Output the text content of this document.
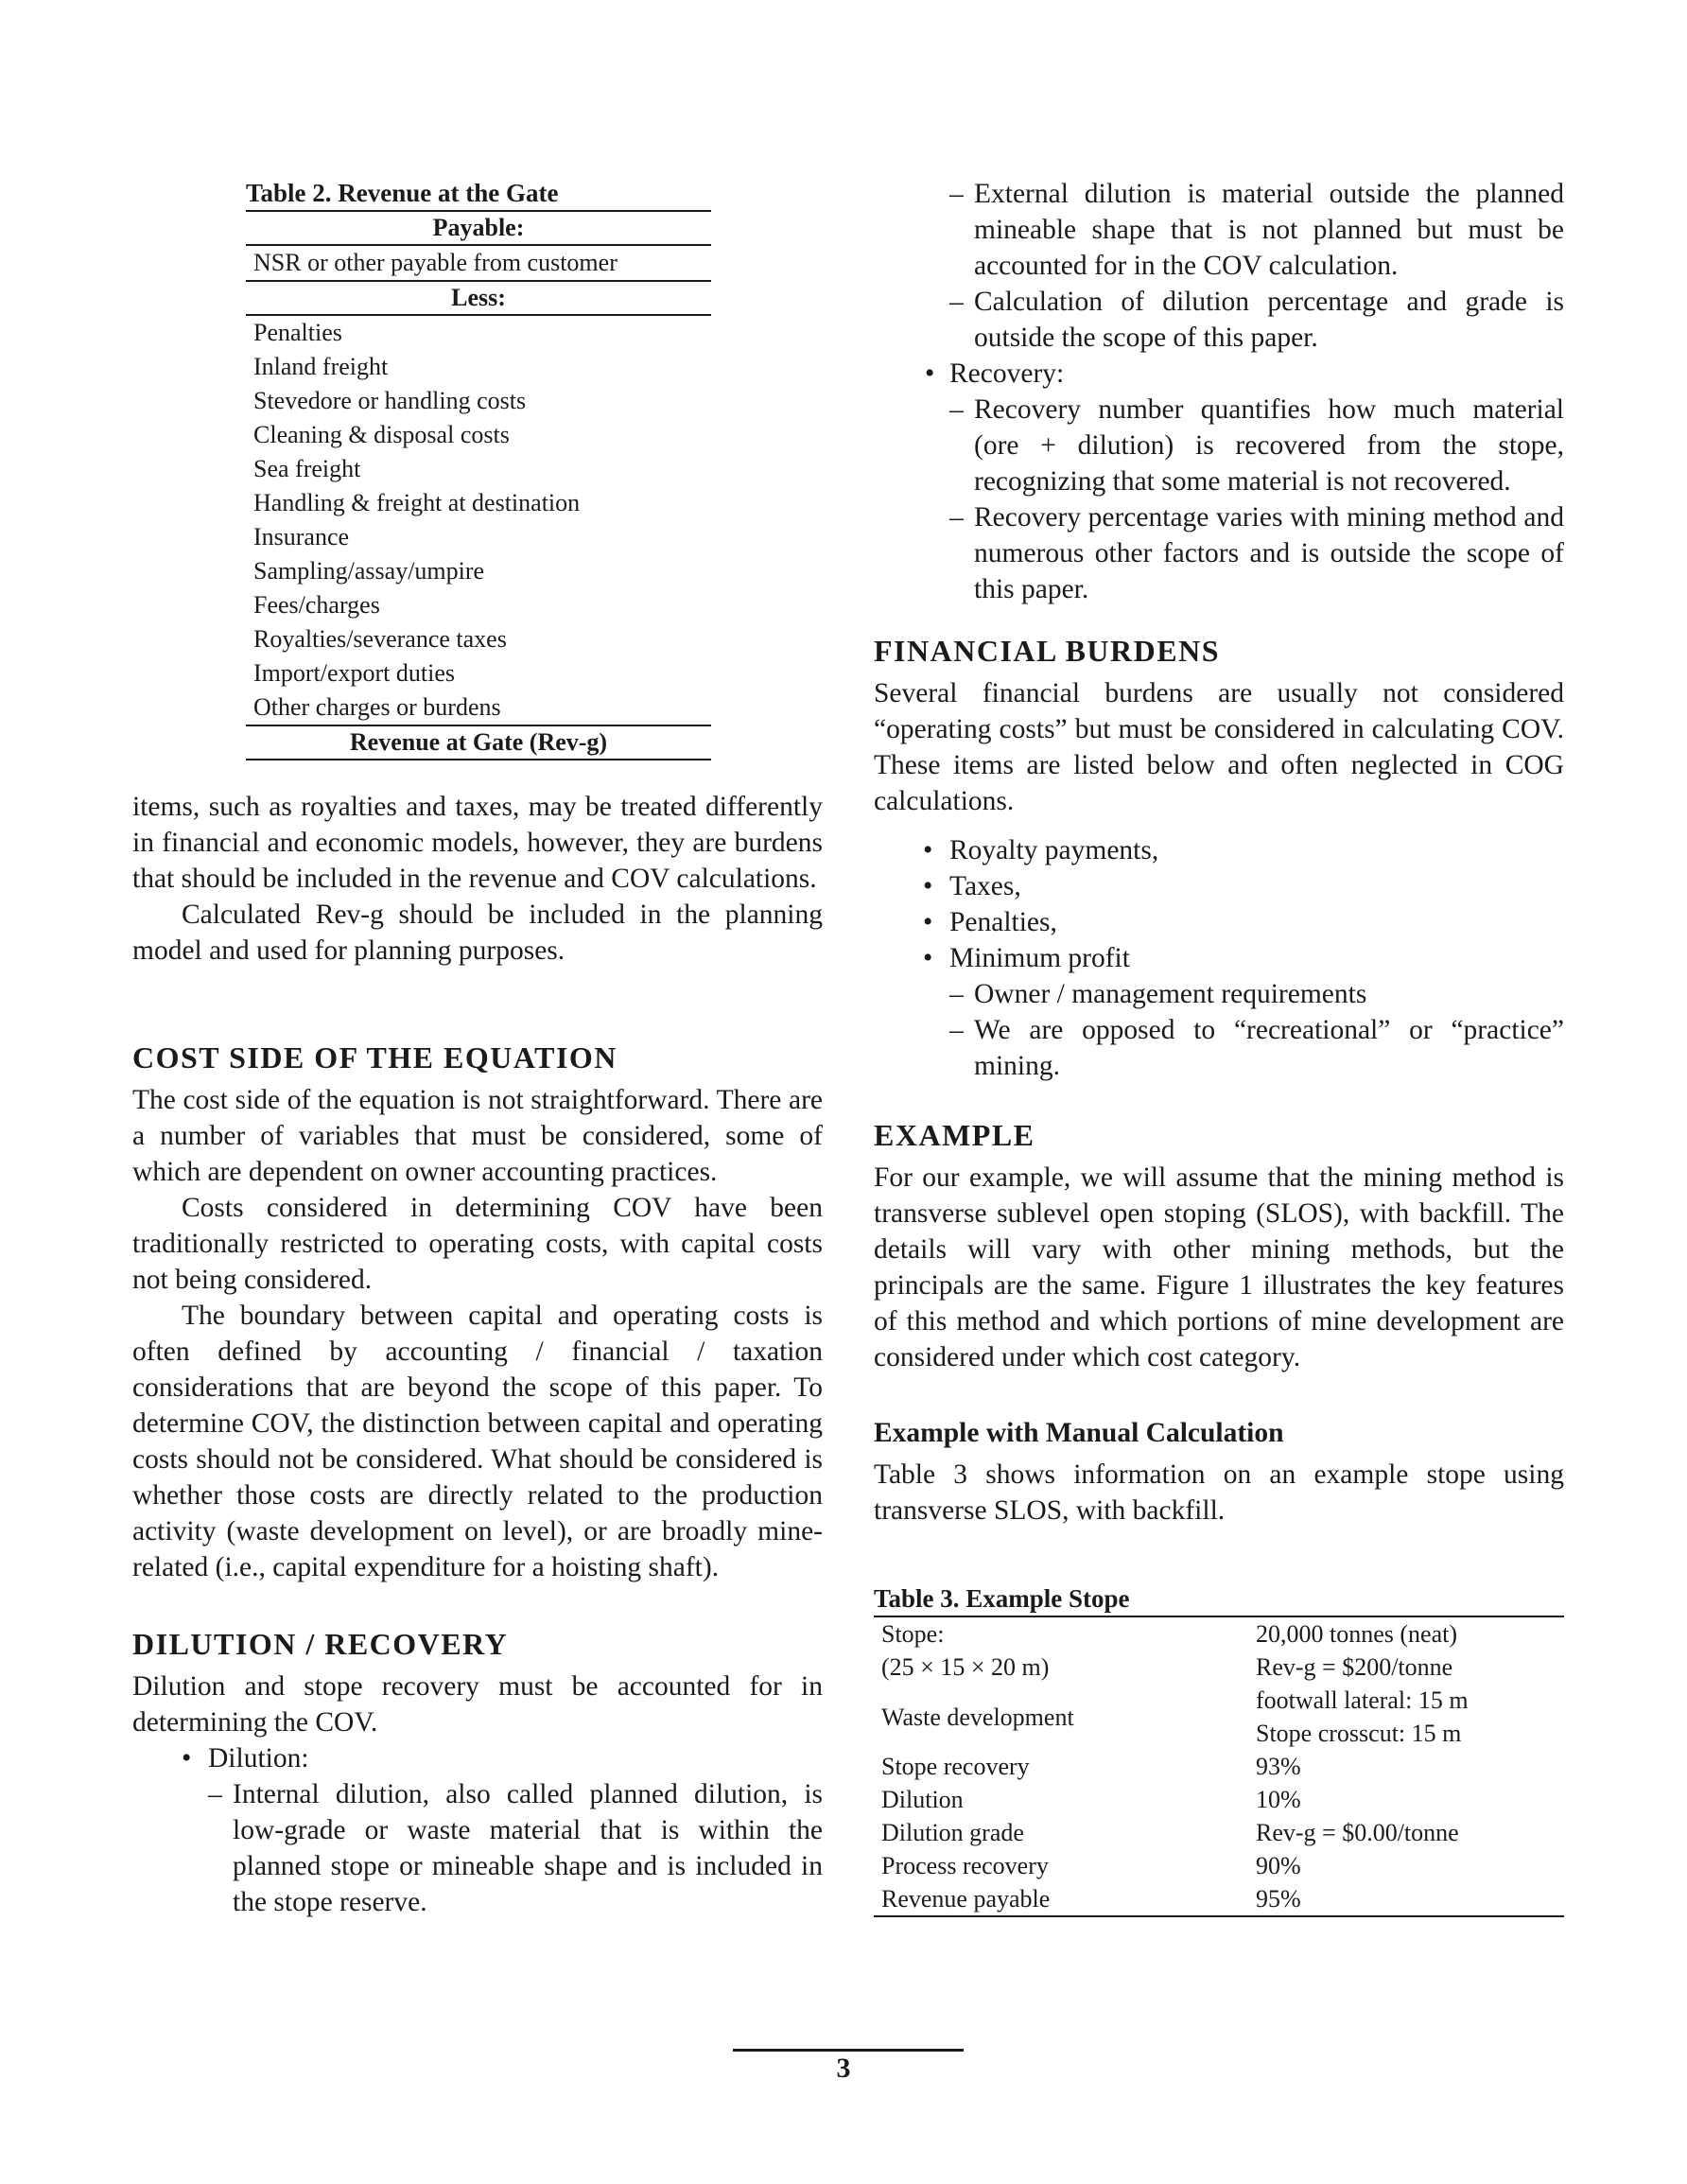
Table 2. Revenue at the Gate
Payable:
NSR or other payable from customer
Less:
Penalties
Inland freight
Stevedore or handling costs
Cleaning & disposal costs
Sea freight
Handling & freight at destination
Insurance
Sampling/assay/umpire
Fees/charges
Royalties/severance taxes
Import/export duties
Other charges or burdens
Revenue at Gate (Rev-g)

items, such as royalties and taxes, may be treated differently in financial and economic models, however, they are burdens that should be included in the revenue and COV calculations.

Calculated Rev-g should be included in the planning model and used for planning purposes.

COST SIDE OF THE EQUATION

The cost side of the equation is not straightforward. There are a number of variables that must be considered, some of which are dependent on owner accounting practices.

Costs considered in determining COV have been traditionally restricted to operating costs, with capital costs not being considered.

The boundary between capital and operating costs is often defined by accounting / financial / taxation considerations that are beyond the scope of this paper. To determine COV, the distinction between capital and operating costs should not be considered. What should be considered is whether those costs are directly related to the production activity (waste development on level), or are broadly mine-related (i.e., capital expenditure for a hoisting shaft).

DILUTION / RECOVERY

Dilution and stope recovery must be accounted for in determining the COV.

• Dilution:
– Internal dilution, also called planned dilution, is low-grade or waste material that is within the planned stope or mineable shape and is included in the stope reserve.
– External dilution is material outside the planned mineable shape that is not planned but must be accounted for in the COV calculation.
– Calculation of dilution percentage and grade is outside the scope of this paper.
• Recovery:
– Recovery number quantifies how much material (ore + dilution) is recovered from the stope, recognizing that some material is not recovered.
– Recovery percentage varies with mining method and numerous other factors and is outside the scope of this paper.
FINANCIAL BURDENS

Several financial burdens are usually not considered “operating costs” but must be considered in calculating COV. These items are listed below and often neglected in COG calculations.

• Royalty payments,
• Taxes,
• Penalties,
• Minimum profit
– Owner / management requirements
– We are opposed to “recreational” or “practice” mining.
EXAMPLE

For our example, we will assume that the mining method is transverse sublevel open stoping (SLOS), with backfill. The details will vary with other mining methods, but the principals are the same. Figure 1 illustrates the key features of this method and which portions of mine development are considered under which cost category.

Example with Manual Calculation

Table 3 shows information on an example stope using transverse SLOS, with backfill.

Table 3. Example Stope
Stope:	20,000 tonnes (neat)
(25 × 15 × 20 m)	Rev-g = $200/tonne
Waste development	footwall lateral: 15 m
Stope crosscut: 15 m

Stope recovery	93%
Dilution	10%
Dilution grade	Rev-g = $0.00/tonne
Process recovery	90%
Revenue payable	95%
3
